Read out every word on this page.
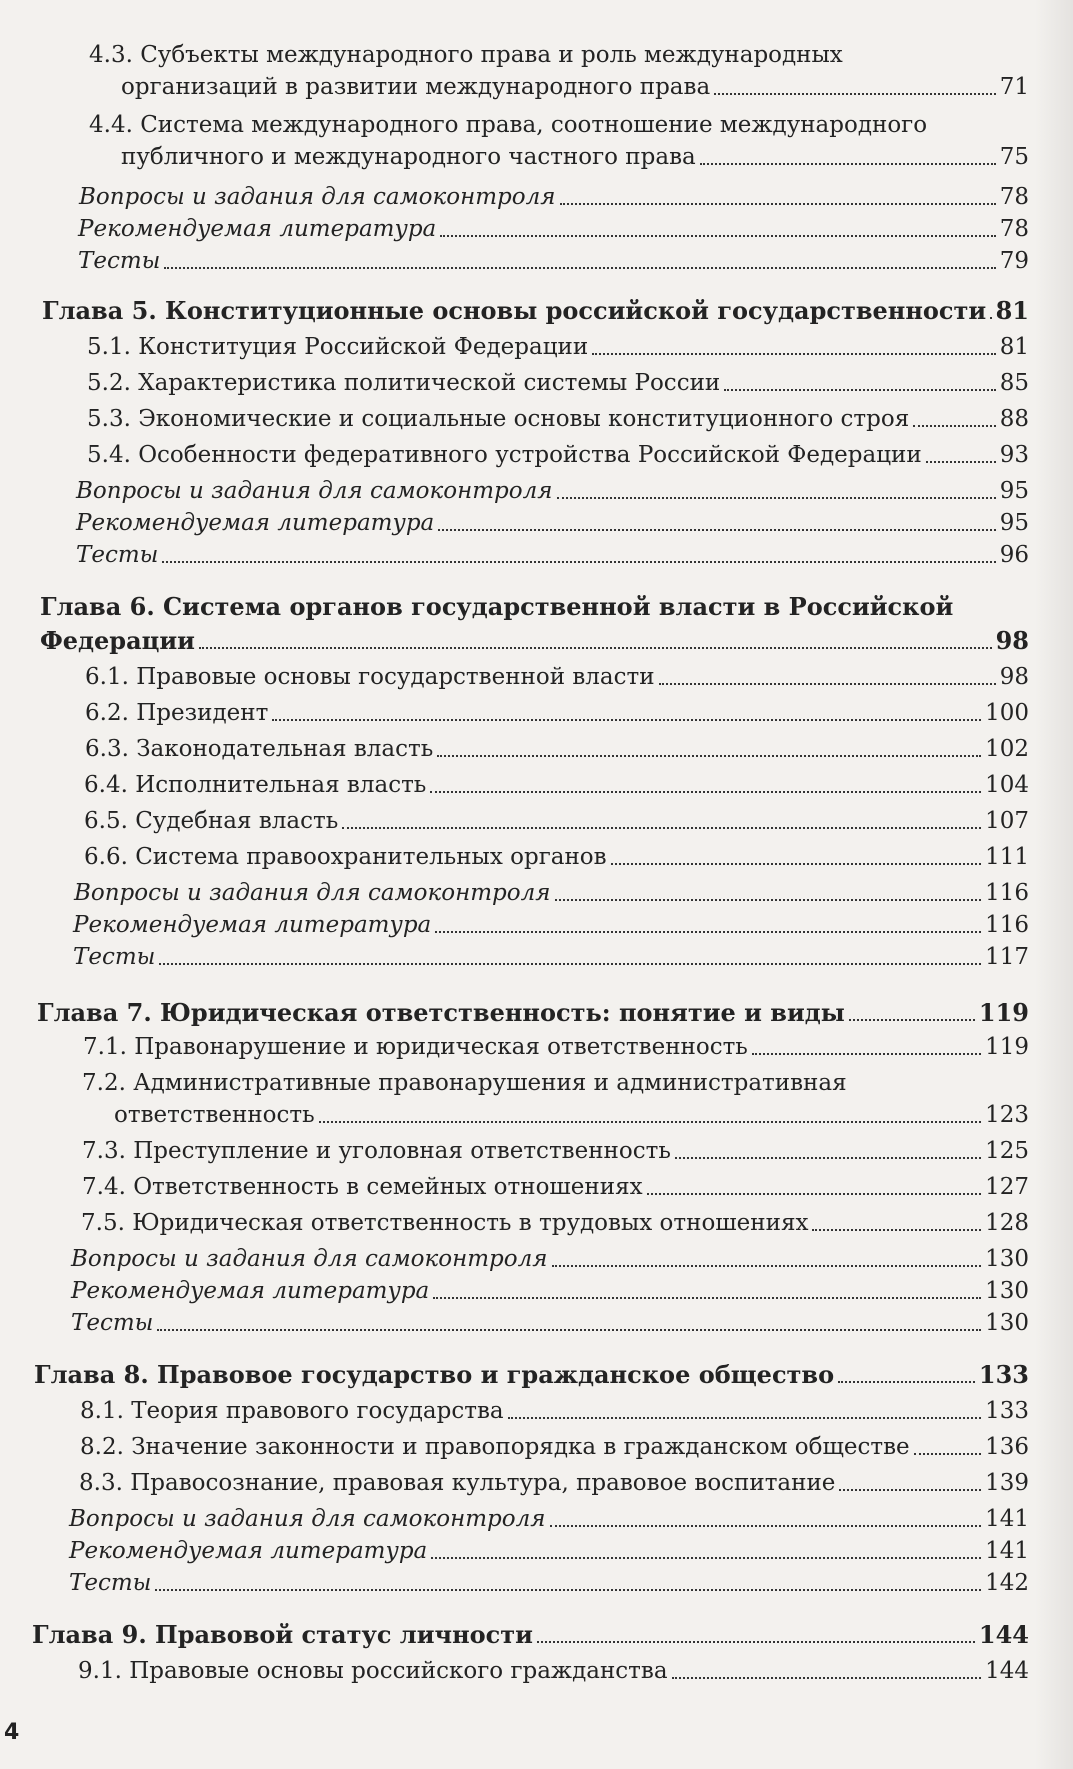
4.3. Субъекты международного права и роль международных
организаций в развитии международного права	71
4.4. Система международного права, соотношение международного
публичного и международного частного права	75
Вопросы и задания для самоконтроля	78
Рекомендуемая литература	78
Тесты	79
Глава 5. Конституционные основы российской государственности 81
5.1. Конституция Российской Федерации	81
5.2. Характеристика политической системы России	85
5.3. Экономические и социальные основы конституционного строя	88
5.4. Особенности федеративного устройства Российской Федерации	93
Вопросы и задания для самоконтроля	95
Рекомендуемая литература	95
Тесты	96
Глава 6. Система органов государственной власти в Российской
Федерации	98
6.1. Правовые основы государственной власти	98
6.2. Президент	100
6.3. Законодательная власть	102
6.4. Исполнительная власть	104
6.5. Судебная власть	107
6.6. Система правоохранительных органов	111
Вопросы и задания для самоконтроля	116
Рекомендуемая литература	116
Тесты	117
Глава 7. Юридическая ответственность: понятие и виды	119
7.1. Правонарушение и юридическая ответственность	119
7.2. Административные правонарушения и административная
ответственность	123
7.3. Преступление и уголовная ответственность	125
7.4. Ответственность в семейных отношениях	127
7.5. Юридическая ответственность в трудовых отношениях	128
Вопросы и задания для самоконтроля	130
Рекомендуемая литература	130
Тесты	130
Глава 8. Правовое государство и гражданское общество	133
8.1. Теория правового государства	133
8.2. Значение законности и правопорядка в гражданском обществе	136
8.3. Правосознание, правовая культура, правовое воспитание	139
Вопросы и задания для самоконтроля	141
Рекомендуемая литература	141
Тесты	142
Глава 9. Правовой статус личности	144
9.1. Правовые основы российского гражданства	144
4
